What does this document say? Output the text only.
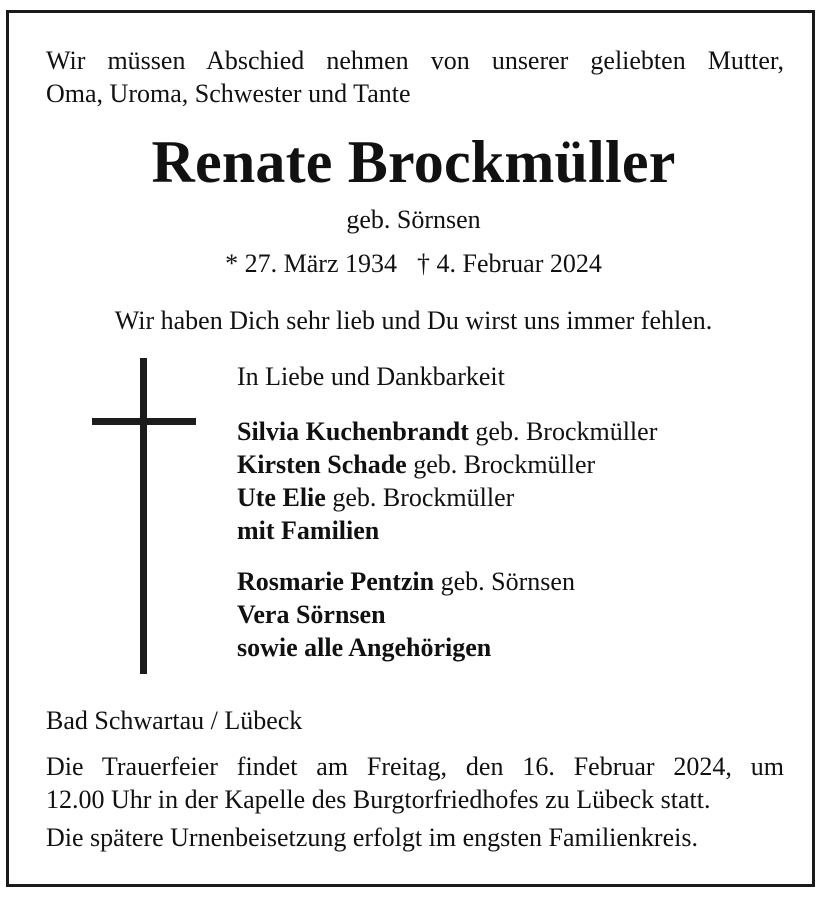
Wir müssen Abschied nehmen von unserer geliebten Mutter,
Oma, Uroma, Schwester und Tante
Renate Brockmüller
geb. Sörnsen
* 27. März 1934 † 4. Februar 2024
Wir haben Dich sehr lieb und Du wirst uns immer fehlen.
In Liebe und Dankbarkeit
Silvia Kuchenbrandt geb. Brockmüller
Kirsten Schade geb. Brockmüller
Ute Elie geb. Brockmüller
mit Familien
Rosmarie Pentzin geb. Sörnsen
Vera Sörnsen
sowie alle Angehörigen
Bad Schwartau / Lübeck
Die Trauerfeier findet am Freitag, den 16. Februar 2024, um
12.00 Uhr in der Kapelle des Burgtorfriedhofes zu Lübeck statt.
Die spätere Urnenbeisetzung erfolgt im engsten Familienkreis.
